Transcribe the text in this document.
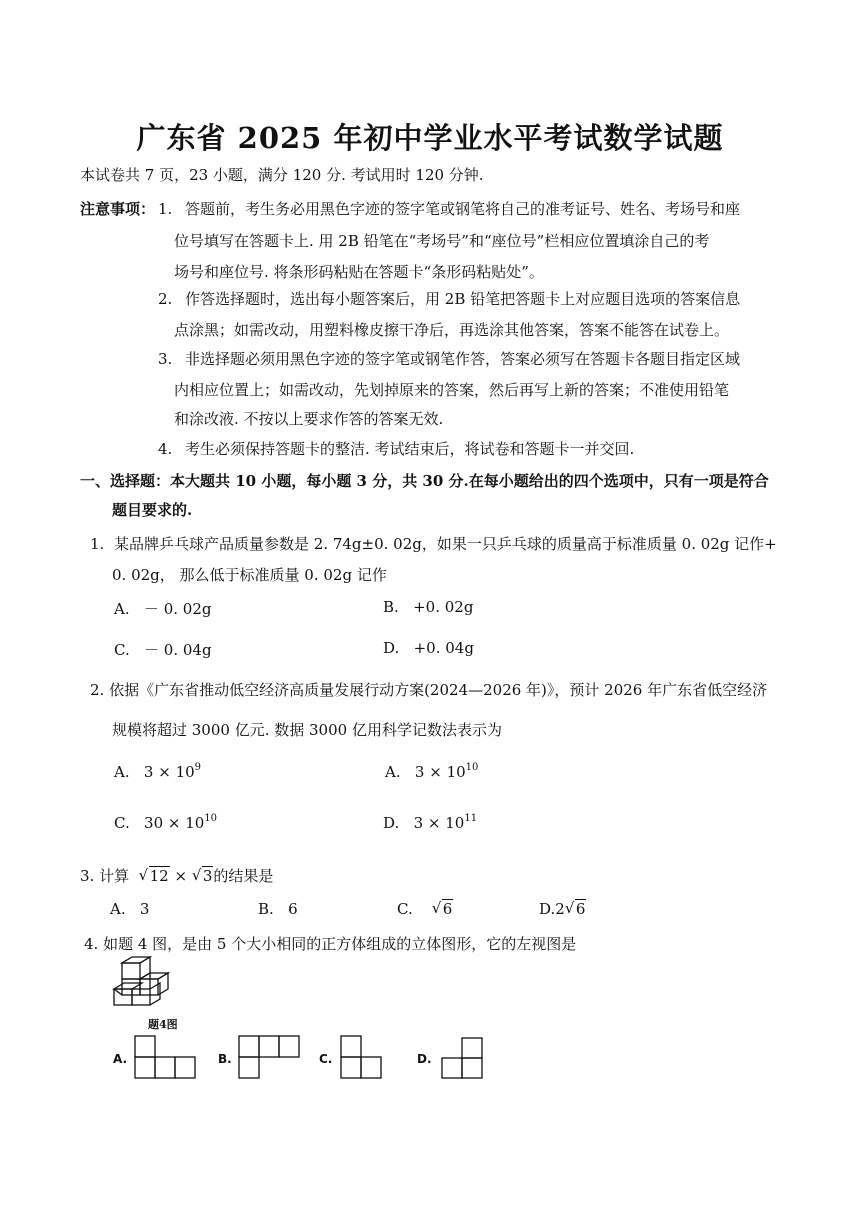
广东省 2025 年初中学业水平考试数学试题
本试卷共 7 页，23 小题，满分 120 分. 考试用时 120 分钟.
注意事项： 1. 答题前，考生务必用黑色字迹的签字笔或钢笔将自己的准考证号、姓名、考场号和座
位号填写在答题卡上. 用 2B 铅笔在“考场号”和“座位号”栏相应位置填涂自己的考
场号和座位号. 将条形码粘贴在答题卡“条形码粘贴处”。
2. 作答选择题时，选出每小题答案后，用 2B 铅笔把答题卡上对应题目选项的答案信息
点涂黑；如需改动，用塑料橡皮擦干净后，再选涂其他答案，答案不能答在试卷上。
3. 非选择题必须用黑色字迹的签字笔或钢笔作答，答案必须写在答题卡各题目指定区域
内相应位置上；如需改动，先划掉原来的答案，然后再写上新的答案；不准使用铅笔
和涂改液. 不按以上要求作答的答案无效.
4. 考生必须保持答题卡的整洁. 考试结束后，将试卷和答题卡一并交回.
一、选择题：本大题共 10 小题，每小题 3 分，共 30 分.在每小题给出的四个选项中，只有一项是符合
题目要求的.
1. 某品牌乒乓球产品质量参数是 2. 74g±0. 02g，如果一只乒乓球的质量高于标准质量 0. 02g 记作+
0. 02g， 那么低于标准质量 0. 02g 记作
A. － 0. 02g	B. +0. 02g
C. － 0. 04g	D. +0. 04g
2. 依据《广东省推动低空经济高质量发展行动方案(2024—2026 年)》，预计 2026 年广东省低空经济
规模将超过 3000 亿元. 数据 3000 亿用科学记数法表示为
A. $3 \times 10^9$	A. $3 \times 10^{10}$
C. $30 \times 10^{10}$	D. $3 \times 10^{11}$
3. 计算 √ 12 × √ 3的结果是
A. 3	B. 6	C. √ 6	D.2 √ 6
4. 如题 4 图，是由 5 个大小相同的正方体组成的立体图形，它的左视图是
题4图
A.	B.	C.	D.
